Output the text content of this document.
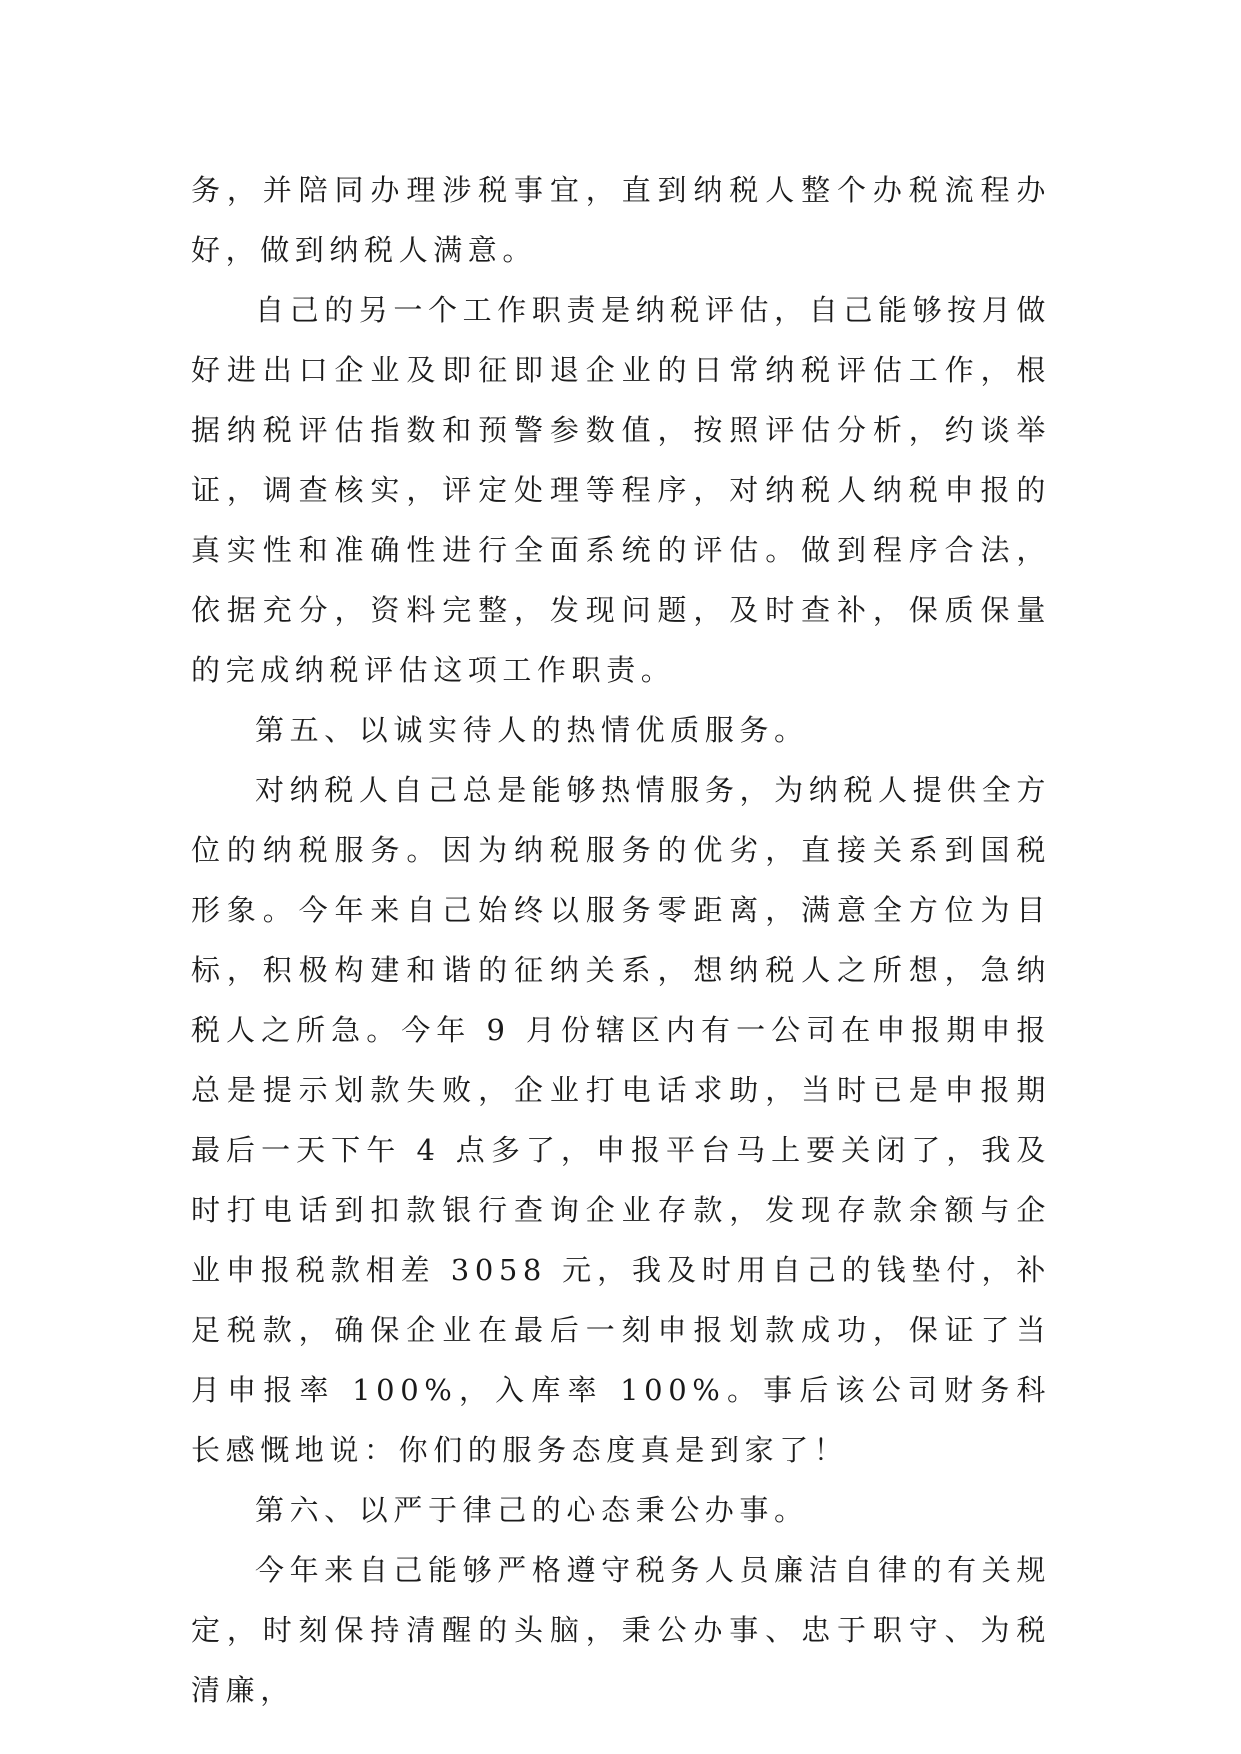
务，并陪同办理涉税事宜，直到纳税人整个办税流程办好，做到纳税人满意。

自己的另一个工作职责是纳税评估，自己能够按月做好进出口企业及即征即退企业的日常纳税评估工作，根据纳税评估指数和预警参数值，按照评估分析，约谈举证，调查核实，评定处理等程序，对纳税人纳税申报的真实性和准确性进行全面系统的评估。做到程序合法，依据充分，资料完整，发现问题，及时查补，保质保量的完成纳税评估这项工作职责。

第五、以诚实待人的热情优质服务。

对纳税人自己总是能够热情服务，为纳税人提供全方位的纳税服务。因为纳税服务的优劣，直接关系到国税形象。今年来自己始终以服务零距离，满意全方位为目标，积极构建和谐的征纳关系，想纳税人之所想，急纳税人之所急。今年 9 月份辖区内有一公司在申报期申报总是提示划款失败，企业打电话求助，当时已是申报期最后一天下午 4 点多了，申报平台马上要关闭了，我及时打电话到扣款银行查询企业存款，发现存款余额与企业申报税款相差 3058 元，我及时用自己的钱垫付，补足税款，确保企业在最后一刻申报划款成功，保证了当月申报率 100%，入库率 100%。事后该公司财务科长感慨地说：你们的服务态度真是到家了！

第六、以严于律己的心态秉公办事。

今年来自己能够严格遵守税务人员廉洁自律的有关规定，时刻保持清醒的头脑，秉公办事、忠于职守、为税清廉，
